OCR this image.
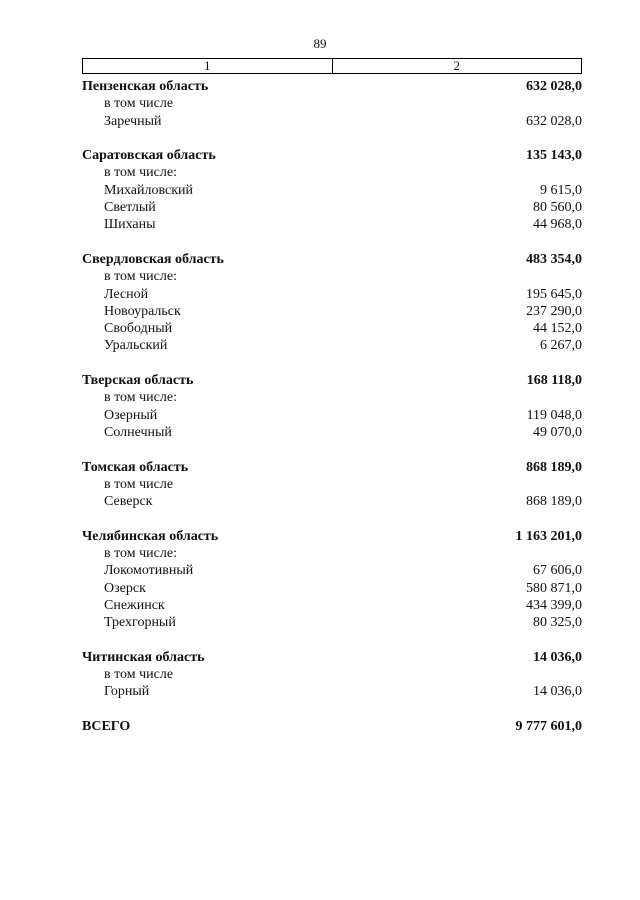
89
1	2
Пензенская область	632 028,0
в том числе
Заречный	632 028,0
Саратовская область	135 143,0
в том числе:
Михайловский	9 615,0
Светлый	80 560,0
Шиханы	44 968,0
Свердловская область	483 354,0
в том числе:
Лесной	195 645,0
Новоуральск	237 290,0
Свободный	44 152,0
Уральский	6 267,0
Тверская область	168 118,0
в том числе:
Озерный	119 048,0
Солнечный	49 070,0
Томская область	868 189,0
в том числе
Северск	868 189,0
Челябинская область	1 163 201,0
в том числе:
Локомотивный	67 606,0
Озерск	580 871,0
Снежинск	434 399,0
Трехгорный	80 325,0
Читинская область	14 036,0
в том числе
Горный	14 036,0
ВСЕГО	9 777 601,0
